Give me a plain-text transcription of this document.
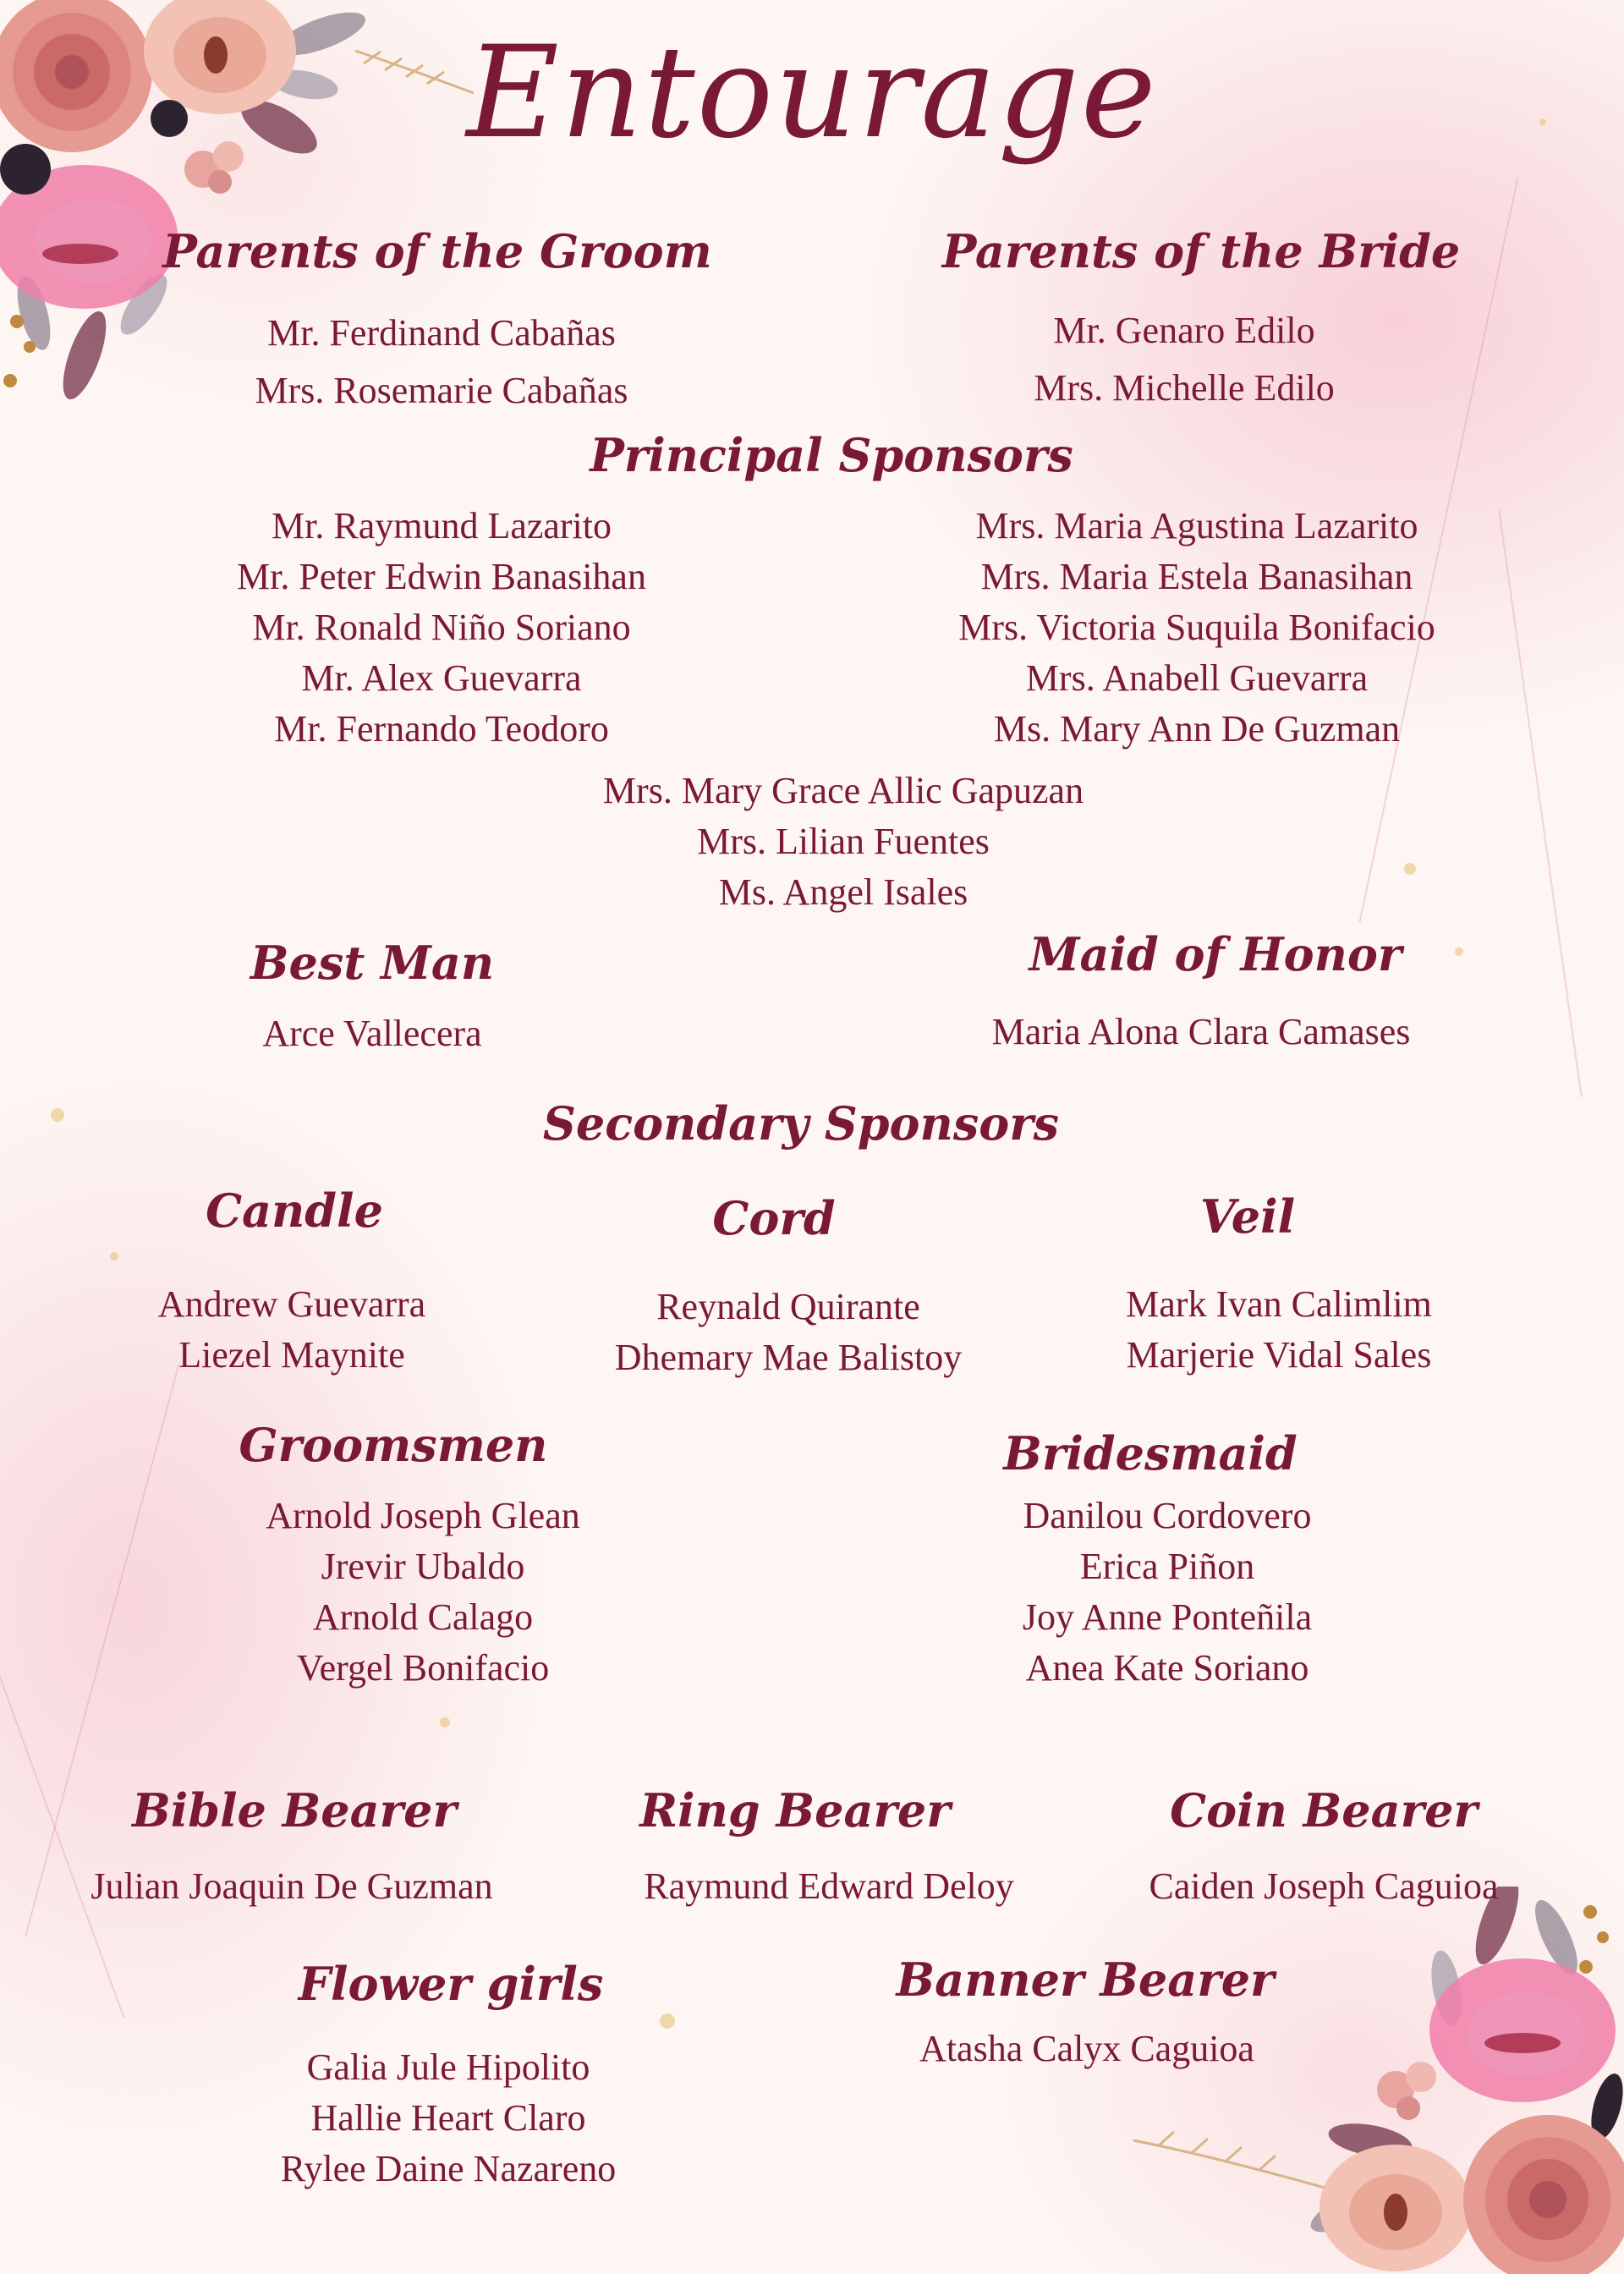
Entourage
Parents of the Groom
Mr. Ferdinand Cabañas
Mrs. Rosemarie Cabañas
Parents of the Bride
Mr. Genaro Edilo
Mrs. Michelle Edilo
Principal Sponsors
Mr. Raymund Lazarito
Mr. Peter Edwin Banasihan
Mr. Ronald Niño Soriano
Mr. Alex Guevarra
Mr. Fernando Teodoro
Mrs. Maria Agustina Lazarito
Mrs. Maria Estela Banasihan
Mrs. Victoria Suquila Bonifacio
Mrs. Anabell Guevarra
Ms. Mary Ann De Guzman
Mrs. Mary Grace Allic Gapuzan
Mrs. Lilian Fuentes
Ms. Angel Isales
Best Man
Arce Vallecera
Maid of Honor
Maria Alona Clara Camases
Secondary Sponsors
Candle
Andrew Guevarra
Liezel Maynite
Cord
Reynald Quirante
Dhemary Mae Balistoy
Veil
Mark Ivan Calimlim
Marjerie Vidal Sales
Groomsmen
Arnold Joseph Glean
Jrevir Ubaldo
Arnold Calago
Vergel Bonifacio
Bridesmaid
Danilou Cordovero
Erica Piñon
Joy Anne Ponteñila
Anea Kate Soriano
Bible Bearer
Julian Joaquin De Guzman
Ring Bearer
Raymund Edward Deloy
Coin Bearer
Caiden Joseph Caguioa
Flower girls
Galia Jule Hipolito
Hallie Heart Claro
Rylee Daine Nazareno
Banner Bearer
Atasha Calyx Caguioa
